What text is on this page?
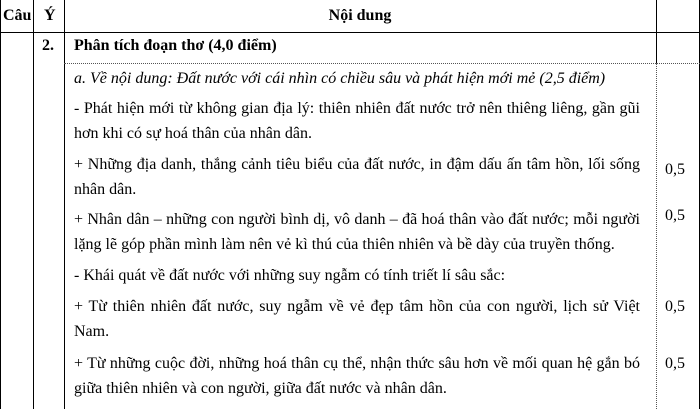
Câu Ý	Nội dung
2. Phân tích đoạn thơ (4,0 điểm)
a. Về nội dung: Đất nước với cái nhìn có chiều sâu và phát hiện mới mẻ (2,5 điểm)
- Phát hiện mới từ không gian địa lý: thiên nhiên đất nước trở nên thiêng liêng, gần gũi hơn khi có sự hoá thân của nhân dân.
+ Những địa danh, thắng cảnh tiêu biểu của đất nước, in đậm dấu ấn tâm hồn, lối sống nhân dân.
0,5
+ Nhân dân – những con người bình dị, vô danh – đã hoá thân vào đất nước; mỗi người lặng lẽ góp phần mình làm nên vẻ kì thú của thiên nhiên và bề dày của truyền thống.
0,5
- Khái quát về đất nước với những suy ngẫm có tính triết lí sâu sắc:
+ Từ thiên nhiên đất nước, suy ngẫm về vẻ đẹp tâm hồn của con người, lịch sử Việt Nam.
0,5
+ Từ những cuộc đời, những hoá thân cụ thể, nhận thức sâu hơn về mối quan hệ gắn bó giữa thiên nhiên và con người, giữa đất nước và nhân dân.
0,5
